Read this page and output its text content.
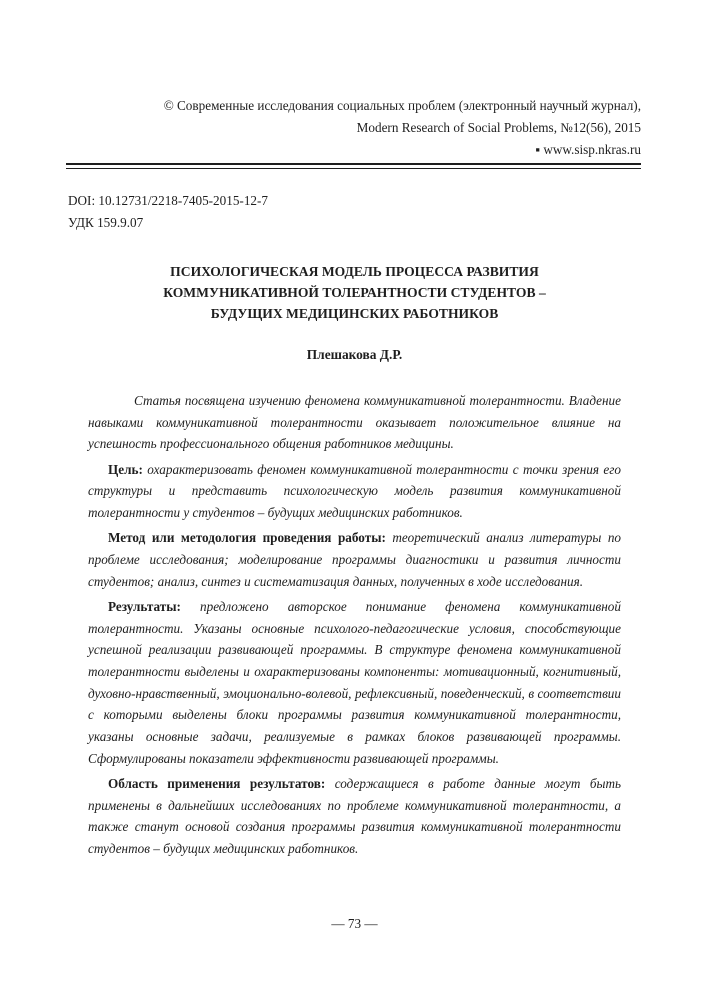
© Современные исследования социальных проблем (электронный научный журнал),
Modern Research of Social Problems, №12(56), 2015
▪ www.sisp.nkras.ru
DOI: 10.12731/2218-7405-2015-12-7
УДК 159.9.07
ПСИХОЛОГИЧЕСКАЯ МОДЕЛЬ ПРОЦЕССА РАЗВИТИЯ
КОММУНИКАТИВНОЙ ТОЛЕРАНТНОСТИ СТУДЕНТОВ –
БУДУЩИХ МЕДИЦИНСКИХ РАБОТНИКОВ
Плешакова Д.Р.

Статья посвящена изучению феномена коммуникативной толерантности. Владение навыками коммуникативной толерантности оказывает положительное влияние на успешность профессионального общения работников медицины.

Цель: охарактеризовать феномен коммуникативной толерантности с точки зрения его структуры и представить психологическую модель развития коммуникативной толерантности у студентов – будущих медицинских работников.

Метод или методология проведения работы: теоретический анализ литературы по проблеме исследования; моделирование программы диагностики и развития личности студентов; анализ, синтез и систематизация данных, полученных в ходе исследования.

Результаты: предложено авторское понимание феномена коммуникативной толерантности. Указаны основные психолого-педагогические условия, способствующие успешной реализации развивающей программы. В структуре феномена коммуникативной толерантности выделены и охарактеризованы компоненты: мотивационный, когнитивный, духовно-нравственный, эмоционально-волевой, рефлексивный, поведенческий, в соответствии с которыми выделены блоки программы развития коммуникативной толерантности, указаны основные задачи, реализуемые в рамках блоков развивающей программы. Сформулированы показатели эффективности развивающей программы.

Область применения результатов: содержащиеся в работе данные могут быть применены в дальнейших исследованиях по проблеме коммуникативной толерантности, а также станут основой создания программы развития коммуникативной толерантности студентов – будущих медицинских работников.

— 73 —
